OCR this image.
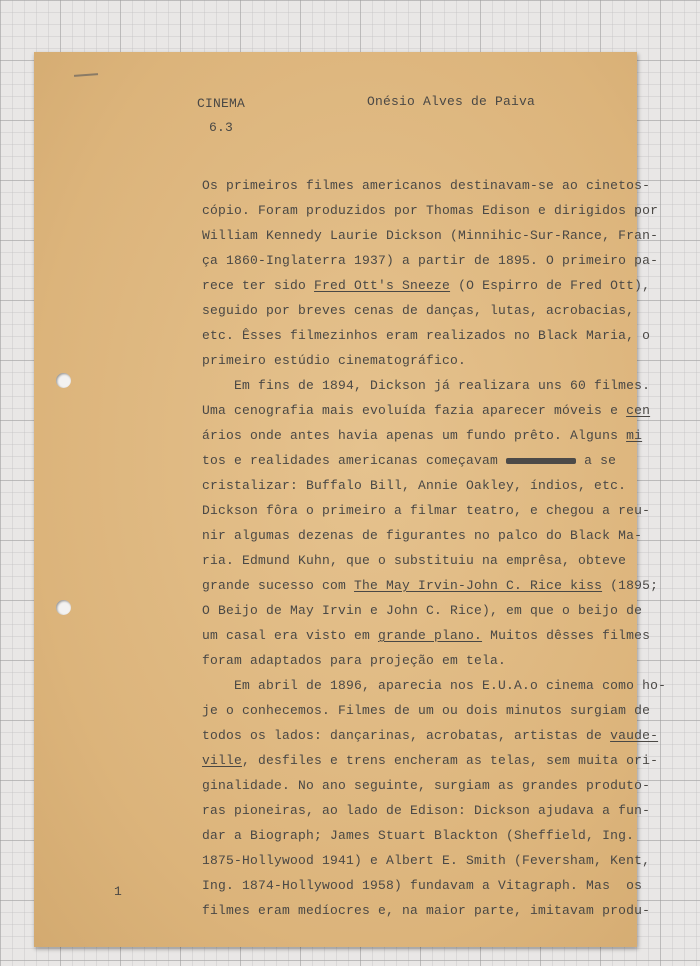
CINEMA	Onésio Alves de Paiva
6.3
Os primeiros filmes americanos destinavam-se ao cinetos-
cópio. Foram produzidos por Thomas Edison e dirigidos por
William Kennedy Laurie Dickson (Minnihic-Sur-Rance, Fran-
ça 1860-Inglaterra 1937) a partir de 1895. O primeiro pa-
rece ter sido Fred Ott's Sneeze (O Espirro de Fred Ott),
seguido por breves cenas de danças, lutas, acrobacias,
etc. Êsses filmezinhos eram realizados no Black Maria, o
primeiro estúdio cinematográfico.
Em fins de 1894, Dickson já realizara uns 60 filmes.
Uma cenografia mais evoluída fazia aparecer móveis e cen
ários onde antes havia apenas um fundo prêto. Alguns mi
tos e realidades americanas começavam	a se
cristalizar: Buffalo Bill, Annie Oakley, índios, etc.
Dickson fôra o primeiro a filmar teatro, e chegou a reu-
nir algumas dezenas de figurantes no palco do Black Ma-
ria. Edmund Kuhn, que o substituiu na emprêsa, obteve
grande sucesso com The May Irvin-John C. Rice kiss (1895;
O Beijo de May Irvin e John C. Rice), em que o beijo de
um casal era visto em grande plano. Muitos dêsses filmes
foram adaptados para projeção em tela.
Em abril de 1896, aparecia nos E.U.A.o cinema como ho-
je o conhecemos. Filmes de um ou dois minutos surgiam de
todos os lados: dançarinas, acrobatas, artistas de vaude-
ville, desfiles e trens encheram as telas, sem muita ori-
ginalidade. No ano seguinte, surgiam as grandes produto-
ras pioneiras, ao lado de Edison: Dickson ajudava a fun-
dar a Biograph; James Stuart Blackton (Sheffield, Ing.
1875-Hollywood 1941) e Albert E. Smith (Feversham, Kent,
Ing. 1874-Hollywood 1958) fundavam a Vitagraph. Mas  os
filmes eram medíocres e, na maior parte, imitavam produ-
1
